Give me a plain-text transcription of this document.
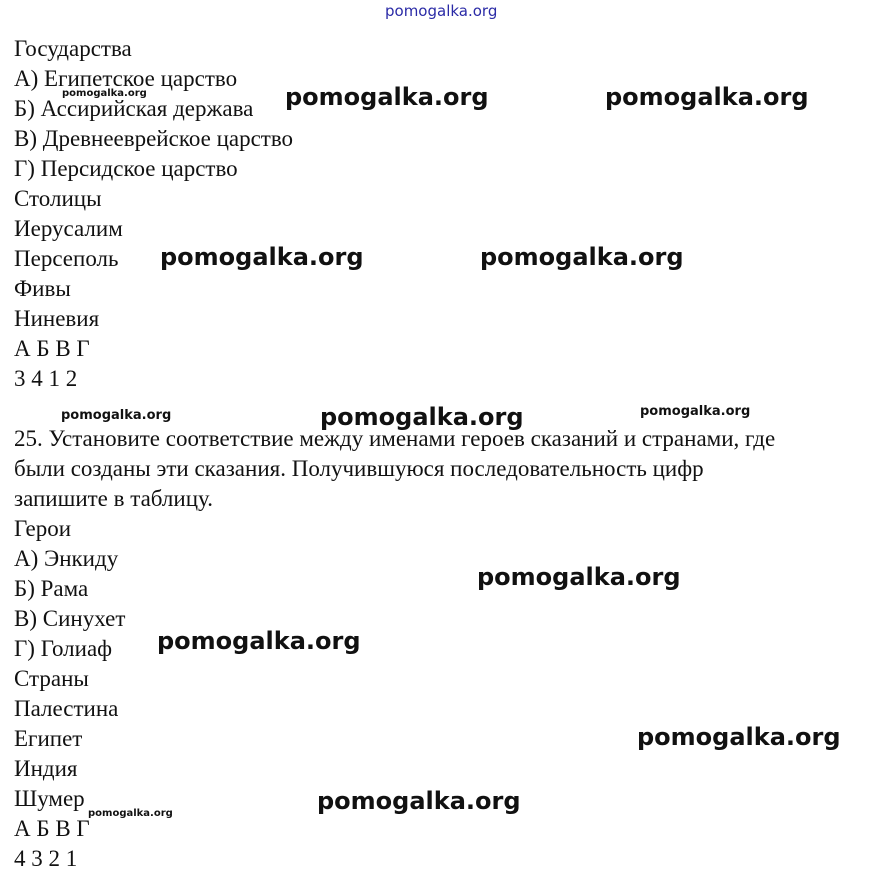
pomogalka.org

Государства

А) Египетское царство

Б) Ассирийская держава

В) Древнееврейское царство

Г) Персидское царство

Столицы

Иерусалим

Персеполь

Фивы

Ниневия

А Б В Г

3 4 1 2

25. Установите соответствие между именами героев сказаний и странами, где

были созданы эти сказания. Получившуюся последовательность цифр

запишите в таблицу.

Герои

А) Энкиду

Б) Рама

В) Синухет

Г) Голиаф

Страны

Палестина

Египет

Индия

Шумер

А Б В Г

4 3 2 1

pomogalka.org	pomogalka.org	pomogalka.org
pomogalka.org	pomogalka.org
pomogalka.org	pomogalka.org	pomogalka.org
pomogalka.org
pomogalka.org
pomogalka.org
pomogalka.org
pomogalka.org
